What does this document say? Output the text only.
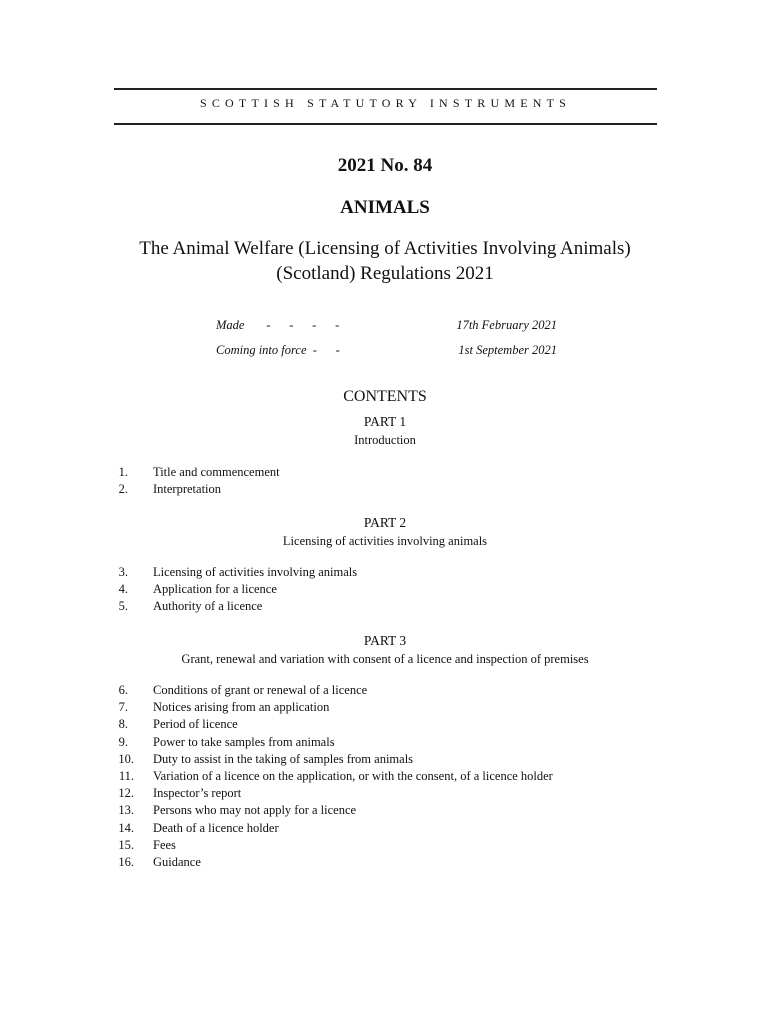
SCOTTISH STATUTORY INSTRUMENTS
2021 No. 84
ANIMALS
The Animal Welfare (Licensing of Activities Involving Animals)
(Scotland) Regulations 2021
Made       -      -      -      -	17th February 2021
Coming into force  -      -	1st September 2021
CONTENTS
PART 1
Introduction
1. Title and commencement
2. Interpretation
PART 2
Licensing of activities involving animals
3. Licensing of activities involving animals
4. Application for a licence
5. Authority of a licence
PART 3
Grant, renewal and variation with consent of a licence and inspection of premises
6. Conditions of grant or renewal of a licence
7. Notices arising from an application
8. Period of licence
9. Power to take samples from animals
10. Duty to assist in the taking of samples from animals
11. Variation of a licence on the application, or with the consent, of a licence holder
12. Inspector’s report
13. Persons who may not apply for a licence
14. Death of a licence holder
15. Fees
16. Guidance
